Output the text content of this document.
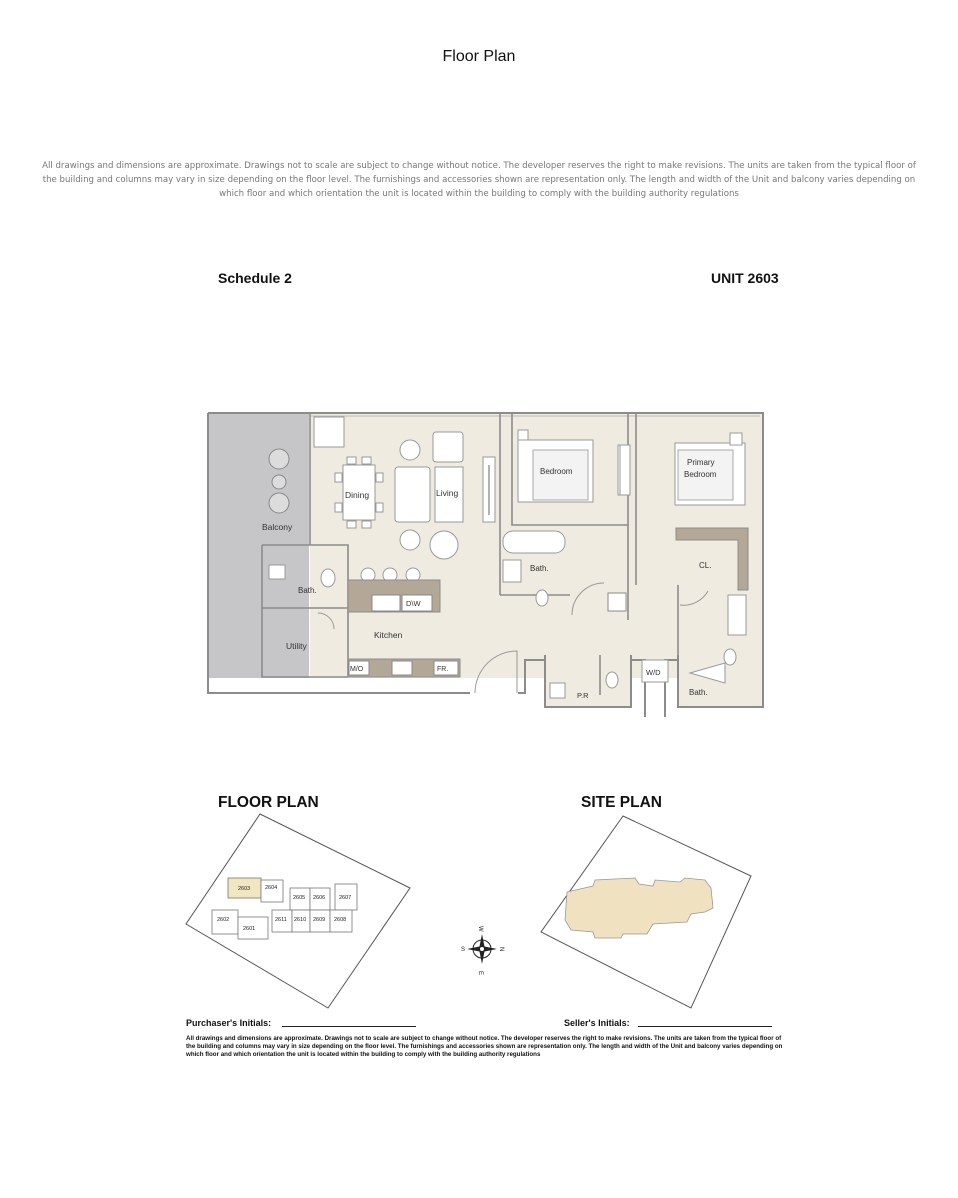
Floor Plan
All drawings and dimensions are approximate. Drawings not to scale are subject to change without notice. The developer reserves the right to make revisions. The units are taken from the typical floor of the building and columns may vary in size depending on the floor level. The furnishings and accessories shown are representation only. The length and width of the Unit and balcony varies depending on which floor and which orientation the unit is located within the building to comply with the building authority regulations
Schedule 2	UNIT 2603
Balcony
Dining	Living
Bath.
Utility
D\W
Kitchen
M/O	FR.
Bedroom
Bath.
Primary
Bedroom
CL.
Bath.
P.R
W/D
FLOOR PLAN	SITE PLAN
2603	2604
2605 2606	2607
2602
2601
2611 2610 2609 2608
W
S	N
E
Purchaser's Initials:	Seller's Initials:
All drawings and dimensions are approximate. Drawings not to scale are subject to change without notice. The developer reserves the right to make revisions. The units are taken from the typical floor of the building and columns may vary in size depending on the floor level. The furnishings and accessories shown are representation only. The length and width of the Unit and balcony varies depending on which floor and which orientation the unit is located within the building to comply with the building authority regulations
